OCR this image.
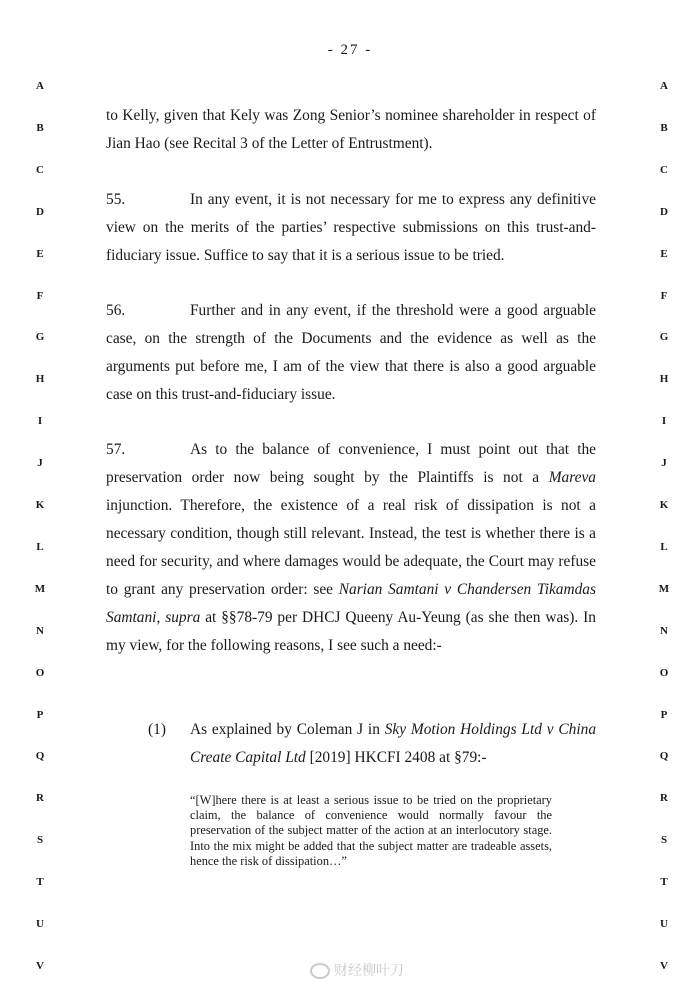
- 27 -
A
B
C
D
E
F
G
H
I
J
K
L
M
N
O
P
Q
R
S
T
U
V
A
B
C
D
E
F
G
H
I
J
K
L
M
N
O
P
Q
R
S
T
U
V
to Kelly, given that Kely was Zong Senior’s nominee shareholder in respect of Jian Hao (see Recital 3 of the Letter of Entrustment).
55.	In any event, it is not necessary for me to express any definitive view on the merits of the parties’ respective submissions on this trust-and-fiduciary issue. Suffice to say that it is a serious issue to be tried.
56.	Further and in any event, if the threshold were a good arguable case, on the strength of the Documents and the evidence as well as the arguments put before me, I am of the view that there is also a good arguable case on this trust-and-fiduciary issue.
57.	As to the balance of convenience, I must point out that the preservation order now being sought by the Plaintiffs is not a Mareva injunction. Therefore, the existence of a real risk of dissipation is not a necessary condition, though still relevant. Instead, the test is whether there is a need for security, and where damages would be adequate, the Court may refuse to grant any preservation order: see Narian Samtani v Chandersen Tikamdas Samtani, supra at §§78-79 per DHCJ Queeny Au-Yeung (as she then was). In my view, for the following reasons, I see such a need:-
(1) As explained by Coleman J in Sky Motion Holdings Ltd v China Create Capital Ltd [2019] HKCFI 2408 at §79:-
“[W]here there is at least a serious issue to be tried on the proprietary claim, the balance of convenience would normally favour the preservation of the subject matter of the action at an interlocutory stage. Into the mix might be added that the subject matter are tradeable assets, hence the risk of dissipation…”
财经柳叶刀
